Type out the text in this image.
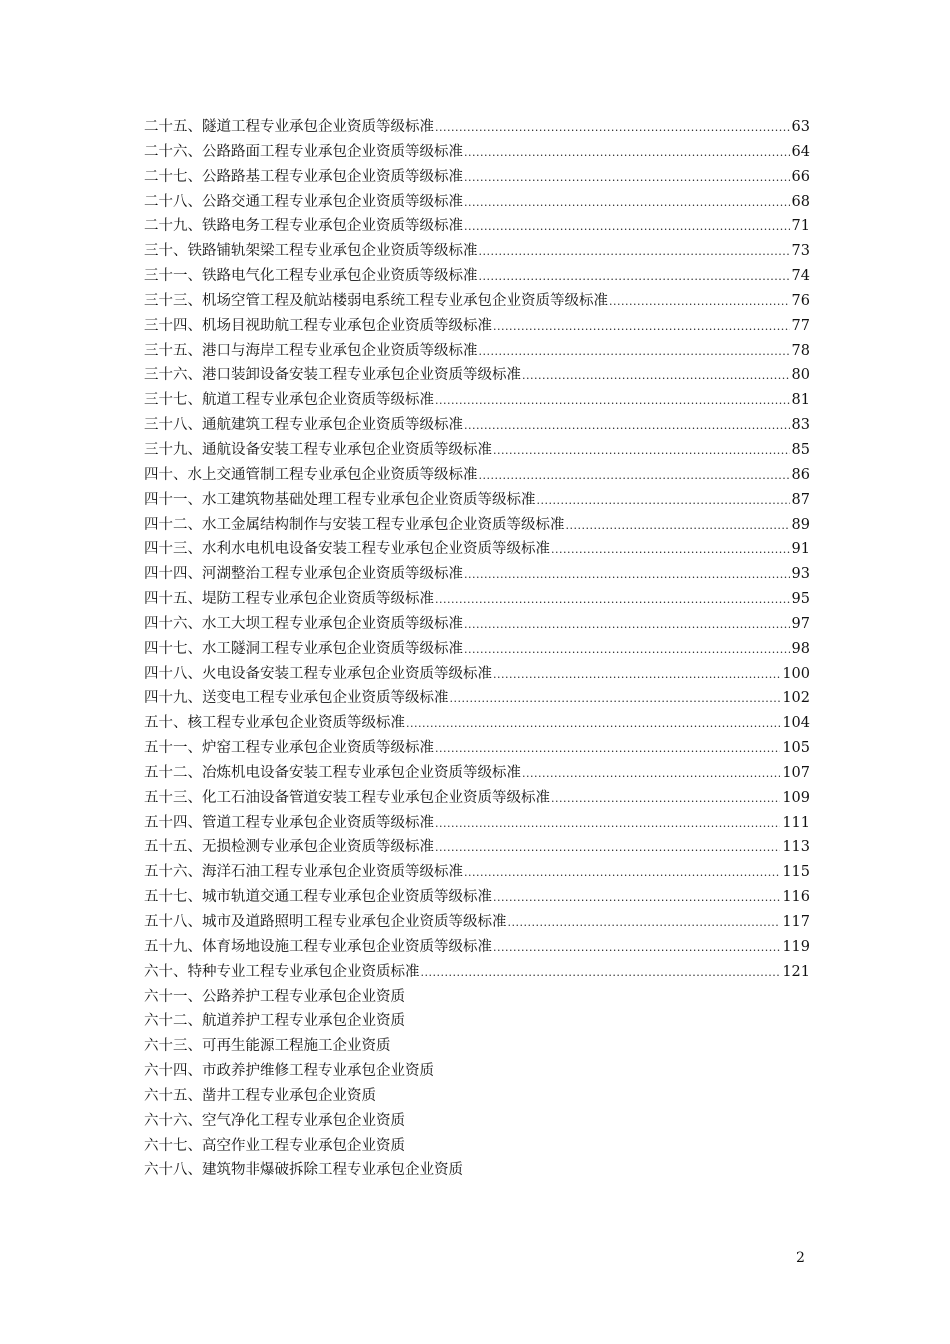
二十五、隧道工程专业承包企业资质等级标准 .....	63
二十六、公路路面工程专业承包企业资质等级标准 .....	64
二十七、公路路基工程专业承包企业资质等级标准 .....	66
二十八、公路交通工程专业承包企业资质等级标准 .....	68
二十九、铁路电务工程专业承包企业资质等级标准 .....	71
三十、铁路铺轨架梁工程专业承包企业资质等级标准 .....	73
三十一、铁路电气化工程专业承包企业资质等级标准 .....	74
三十三、机场空管工程及航站楼弱电系统工程专业承包企业资质等级标准 .....	76
三十四、机场目视助航工程专业承包企业资质等级标准 .....	77
三十五、港口与海岸工程专业承包企业资质等级标准 .....	78
三十六、港口装卸设备安装工程专业承包企业资质等级标准 .....	80
三十七、航道工程专业承包企业资质等级标准 .....	81
三十八、通航建筑工程专业承包企业资质等级标准 .....	83
三十九、通航设备安装工程专业承包企业资质等级标准 .....	85
四十、水上交通管制工程专业承包企业资质等级标准 .....	86
四十一、水工建筑物基础处理工程专业承包企业资质等级标准 .....	87
四十二、水工金属结构制作与安装工程专业承包企业资质等级标准 .....	89
四十三、水利水电机电设备安装工程专业承包企业资质等级标准 .....	91
四十四、河湖整治工程专业承包企业资质等级标准 .....	93
四十五、堤防工程专业承包企业资质等级标准 .....	95
四十六、水工大坝工程专业承包企业资质等级标准 .....	97
四十七、水工隧洞工程专业承包企业资质等级标准 .....	98
四十八、火电设备安装工程专业承包企业资质等级标准 .....	100
四十九、送变电工程专业承包企业资质等级标准 .....	102
五十、核工程专业承包企业资质等级标准 .....	104
五十一、炉窑工程专业承包企业资质等级标准 .....	105
五十二、冶炼机电设备安装工程专业承包企业资质等级标准 .....	107
五十三、化工石油设备管道安装工程专业承包企业资质等级标准 .....	109
五十四、管道工程专业承包企业资质等级标准 .....	111
五十五、无损检测专业承包企业资质等级标准 .....	113
五十六、海洋石油工程专业承包企业资质等级标准 .....	115
五十七、城市轨道交通工程专业承包企业资质等级标准 .....	116
五十八、城市及道路照明工程专业承包企业资质等级标准 .....	117
五十九、体育场地设施工程专业承包企业资质等级标准 .....	119
六十、特种专业工程专业承包企业资质标准 .....	121
六十一、公路养护工程专业承包企业资质
六十二、航道养护工程专业承包企业资质
六十三、可再生能源工程施工企业资质
六十四、市政养护维修工程专业承包企业资质
六十五、凿井工程专业承包企业资质
六十六、空气净化工程专业承包企业资质
六十七、高空作业工程专业承包企业资质
六十八、建筑物非爆破拆除工程专业承包企业资质
2
